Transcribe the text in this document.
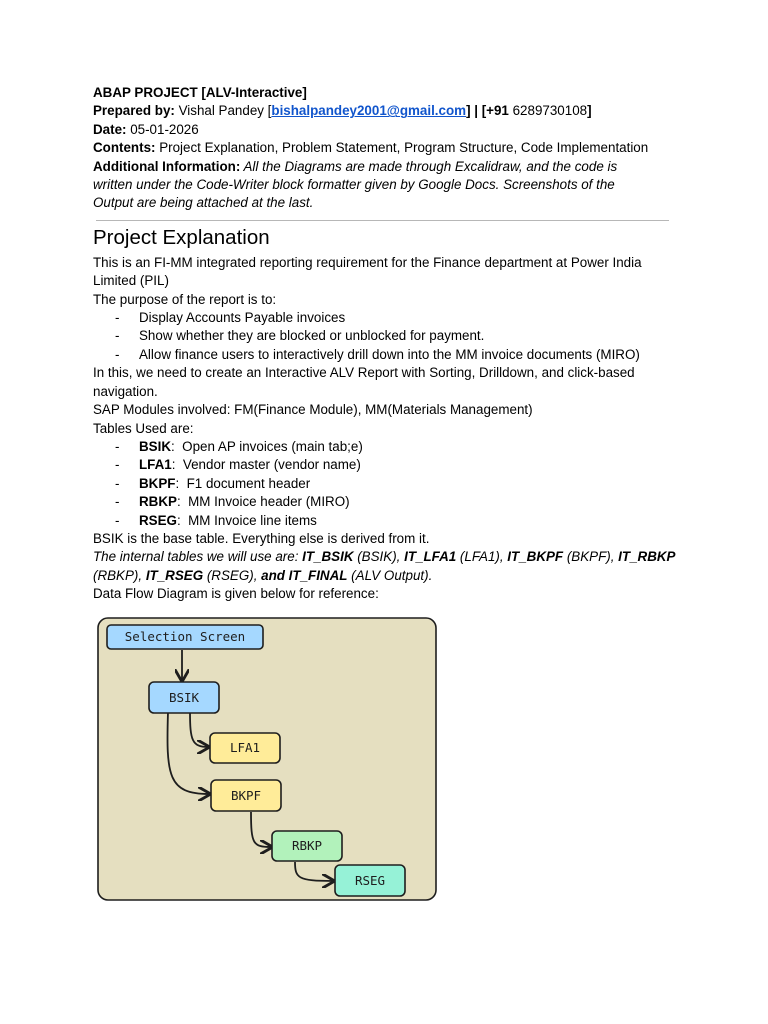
ABAP PROJECT [ALV-Interactive]
Prepared by: Vishal Pandey [bishalpandey2001@gmail.com] | [+91 6289730108]
Date: 05-01-2026
Contents: Project Explanation, Problem Statement, Program Structure, Code Implementation
Additional Information: All the Diagrams are made through Excalidraw, and the code is written under the Code-Writer block formatter given by Google Docs. Screenshots of the Output are being attached at the last.
Project Explanation
This is an FI-MM integrated reporting requirement for the Finance department at Power India Limited (PIL)
The purpose of the report is to:
- Display Accounts Payable invoices
- Show whether they are blocked or unblocked for payment.
- Allow finance users to interactively drill down into the MM invoice documents (MIRO)
In this, we need to create an Interactive ALV Report with Sorting, Drilldown, and click-based navigation.
SAP Modules involved: FM(Finance Module), MM(Materials Management)
Tables Used are:
- BSIK:  Open AP invoices (main tab;e)
- LFA1:  Vendor master (vendor name)
- BKPF:  F1 document header
- RBKP:  MM Invoice header (MIRO)
- RSEG:  MM Invoice line items
BSIK is the base table. Everything else is derived from it.
The internal tables we will use are: IT_BSIK (BSIK), IT_LFA1 (LFA1), IT_BKPF (BKPF), IT_RBKP (RBKP), IT_RSEG (RSEG), and IT_FINAL (ALV Output).
Data Flow Diagram is given below for reference:
Selection Screen
BSIK
LFA1
BKPF
RBKP
RSEG
